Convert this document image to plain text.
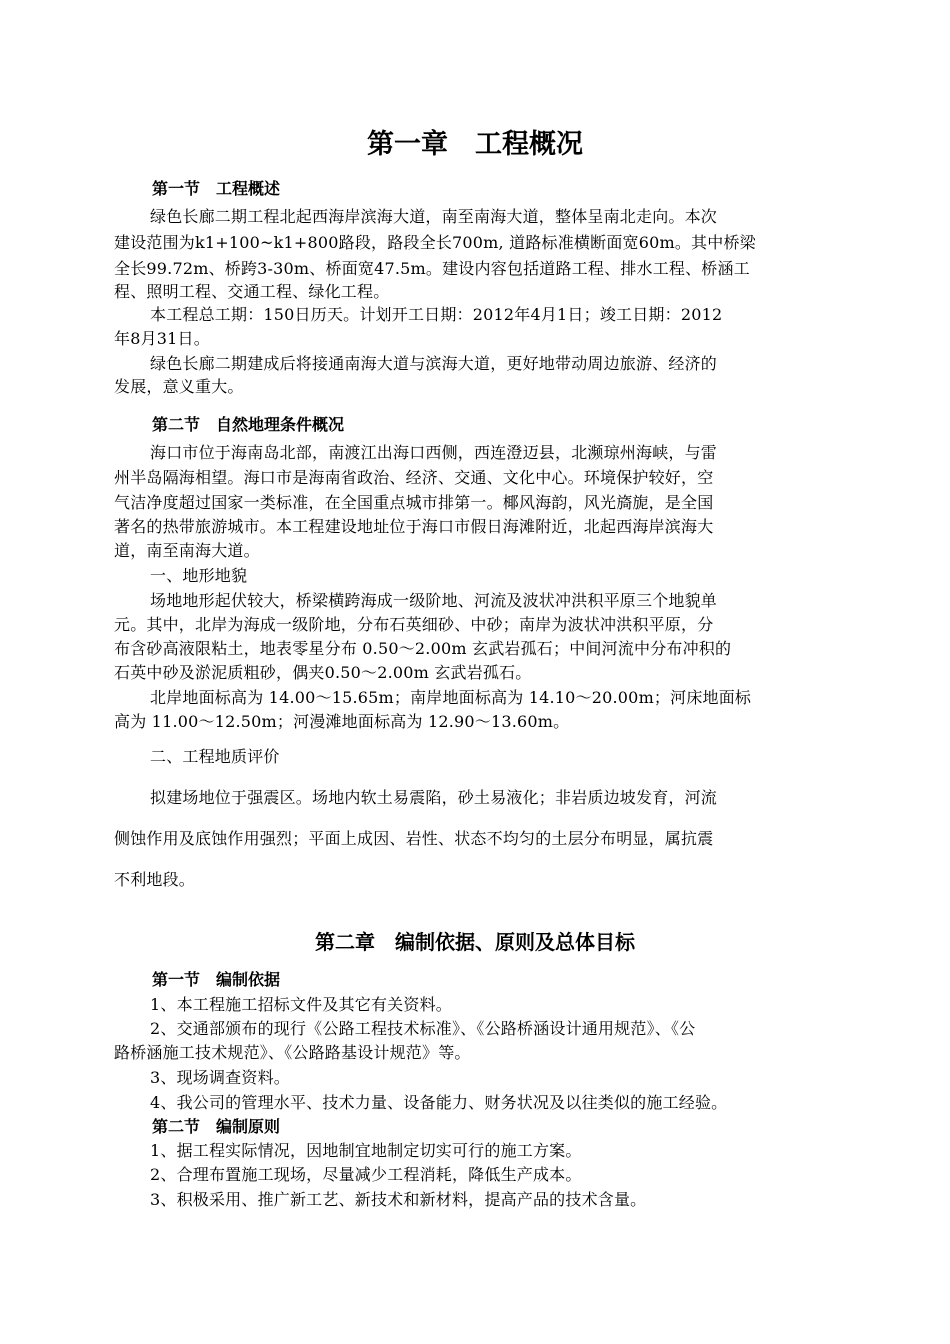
第一章　工程概况
第一节　工程概述
绿色长廊二期工程北起西海岸滨海大道，南至南海大道，整体呈南北走向。本次
建设范围为k1+100~k1+800路段，路段全长700m, 道路标准横断面宽60m。其中桥梁
全长99.72m、桥跨3-30m、桥面宽47.5m。建设内容包括道路工程、排水工程、桥涵工
程、照明工程、交通工程、绿化工程。
本工程总工期：150日历天。计划开工日期：2012年4月1日；竣工日期：2012
年8月31日。
绿色长廊二期建成后将接通南海大道与滨海大道，更好地带动周边旅游、经济的
发展，意义重大。
第二节　自然地理条件概况
海口市位于海南岛北部，南渡江出海口西侧，西连澄迈县，北濒琼州海峡，与雷
州半岛隔海相望。海口市是海南省政治、经济、交通、文化中心。环境保护较好，空
气洁净度超过国家一类标准，在全国重点城市排第一。椰风海韵，风光旖旎，是全国
著名的热带旅游城市。本工程建设地址位于海口市假日海滩附近，北起西海岸滨海大
道，南至南海大道。
一、地形地貌
场地地形起伏较大，桥梁横跨海成一级阶地、河流及波状冲洪积平原三个地貌单
元。其中，北岸为海成一级阶地，分布石英细砂、中砂；南岸为波状冲洪积平原，分
布含砂高液限粘土，地表零星分布 0.50～2.00m 玄武岩孤石；中间河流中分布冲积的
石英中砂及淤泥质粗砂，偶夹0.50～2.00m 玄武岩孤石。
北岸地面标高为 14.00～15.65m；南岸地面标高为 14.10～20.00m；河床地面标
高为 11.00～12.50m；河漫滩地面标高为 12.90～13.60m。
二、工程地质评价
拟建场地位于强震区。场地内软土易震陷，砂土易液化；非岩质边坡发育，河流
侧蚀作用及底蚀作用强烈；平面上成因、岩性、状态不均匀的土层分布明显，属抗震
不利地段。
第二章　编制依据、原则及总体目标
第一节　编制依据
1、本工程施工招标文件及其它有关资料。
2、交通部颁布的现行《公路工程技术标准》、《公路桥涵设计通用规范》、《公
路桥涵施工技术规范》、《公路路基设计规范》等。
3、现场调查资料。
4、我公司的管理水平、技术力量、设备能力、财务状况及以往类似的施工经验。
第二节　编制原则
1、据工程实际情况，因地制宜地制定切实可行的施工方案。
2、合理布置施工现场，尽量减少工程消耗，降低生产成本。
3、积极采用、推广新工艺、新技术和新材料，提高产品的技术含量。
